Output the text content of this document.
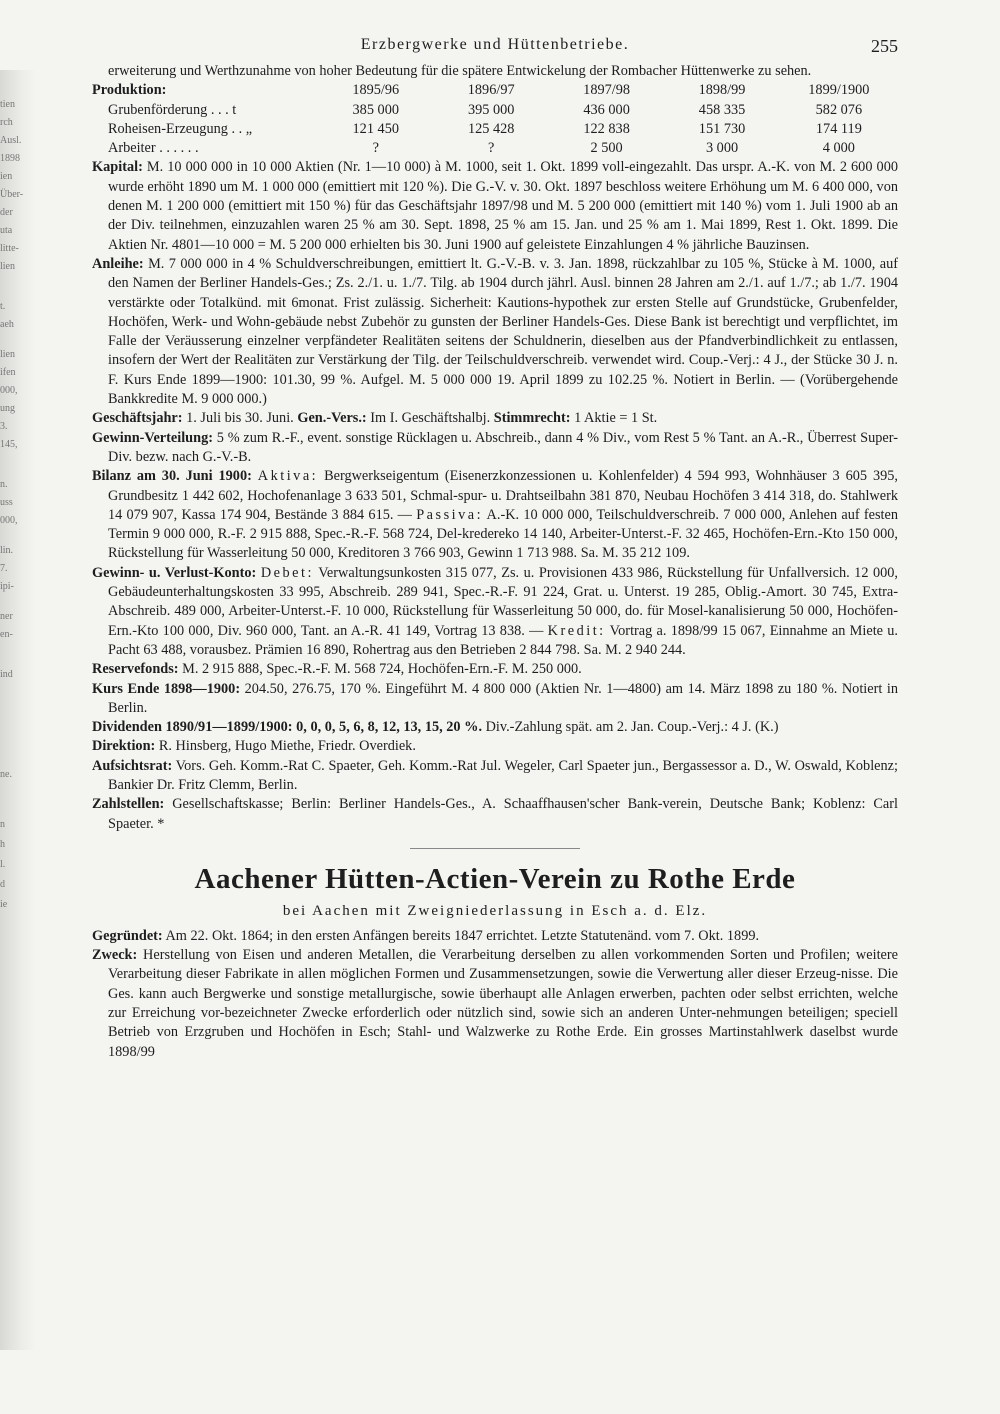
tien
rch
Ausl.
1898
ien
Über-
der
uta
litte-
lien
t.
aeh
lien
ifen
000,
ung
3.
145,
n.
uss
000,
lin.
7.
ipi-
ner
en-
ind
ne.
n
h
l.
d
ie
Erzbergwerke und Hüttenbetriebe.	255

erweiterung und Werthzunahme von hoher Bedeutung für die spätere Entwickelung der Rombacher Hüttenwerke zu sehen.

Produktion:	1895/96	1896/97	1897/98	1898/99	1899/1900
Grubenförderung . . . t	385 000	395 000	436 000	458 335	582 076
Roheisen-Erzeugung . . „	121 450	125 428	122 838	151 730	174 119
Arbeiter . . . . . .	?	?	2 500	3 000	4 000

Kapital: M. 10 000 000 in 10 000 Aktien (Nr. 1—10 000) à M. 1000, seit 1. Okt. 1899 voll-eingezahlt. Das urspr. A.-K. von M. 2 600 000 wurde erhöht 1890 um M. 1 000 000 (emittiert mit 120 %). Die G.-V. v. 30. Okt. 1897 beschloss weitere Erhöhung um M. 6 400 000, von denen M. 1 200 000 (emittiert mit 150 %) für das Geschäftsjahr 1897/98 und M. 5 200 000 (emittiert mit 140 %) vom 1. Juli 1900 ab an der Div. teilnehmen, einzuzahlen waren 25 % am 30. Sept. 1898, 25 % am 15. Jan. und 25 % am 1. Mai 1899, Rest 1. Okt. 1899. Die Aktien Nr. 4801—10 000 = M. 5 200 000 erhielten bis 30. Juni 1900 auf geleistete Einzahlungen 4 % jährliche Bauzinsen.

Anleihe: M. 7 000 000 in 4 % Schuldverschreibungen, emittiert lt. G.-V.-B. v. 3. Jan. 1898, rückzahlbar zu 105 %, Stücke à M. 1000, auf den Namen der Berliner Handels-Ges.; Zs. 2./1. u. 1./7. Tilg. ab 1904 durch jährl. Ausl. binnen 28 Jahren am 2./1. auf 1./7.; ab 1./7. 1904 verstärkte oder Totalkünd. mit 6monat. Frist zulässig. Sicherheit: Kautions-hypothek zur ersten Stelle auf Grundstücke, Grubenfelder, Hochöfen, Werk- und Wohn-gebäude nebst Zubehör zu gunsten der Berliner Handels-Ges. Diese Bank ist berechtigt und verpflichtet, im Falle der Veräusserung einzelner verpfändeter Realitäten seitens der Schuldnerin, dieselben aus der Pfandverbindlichkeit zu entlassen, insofern der Wert der Realitäten zur Verstärkung der Tilg. der Teilschuldverschreib. verwendet wird. Coup.-Verj.: 4 J., der Stücke 30 J. n. F. Kurs Ende 1899—1900: 101.30, 99 %. Aufgel. M. 5 000 000 19. April 1899 zu 102.25 %. Notiert in Berlin. — (Vorübergehende Bankkredite M. 9 000 000.)

Geschäftsjahr: 1. Juli bis 30. Juni. Gen.-Vers.: Im I. Geschäftshalbj. Stimmrecht: 1 Aktie = 1 St.

Gewinn-Verteilung: 5 % zum R.-F., event. sonstige Rücklagen u. Abschreib., dann 4 % Div., vom Rest 5 % Tant. an A.-R., Überrest Super-Div. bezw. nach G.-V.-B.

Bilanz am 30. Juni 1900: Aktiva: Bergwerkseigentum (Eisenerzkonzessionen u. Kohlenfelder) 4 594 993, Wohnhäuser 3 605 395, Grundbesitz 1 442 602, Hochofenanlage 3 633 501, Schmal-spur- u. Drahtseilbahn 381 870, Neubau Hochöfen 3 414 318, do. Stahlwerk 14 079 907, Kassa 174 904, Bestände 3 884 615. — Passiva: A.-K. 10 000 000, Teilschuldverschreib. 7 000 000, Anlehen auf festen Termin 9 000 000, R.-F. 2 915 888, Spec.-R.-F. 568 724, Del-kredereko 14 140, Arbeiter-Unterst.-F. 32 465, Hochöfen-Ern.-Kto 150 000, Rückstellung für Wasserleitung 50 000, Kreditoren 3 766 903, Gewinn 1 713 988. Sa. M. 35 212 109.

Gewinn- u. Verlust-Konto: Debet: Verwaltungsunkosten 315 077, Zs. u. Provisionen 433 986, Rückstellung für Unfallversich. 12 000, Gebäudeunterhaltungskosten 33 995, Abschreib. 289 941, Spec.-R.-F. 91 224, Grat. u. Unterst. 19 285, Oblig.-Amort. 30 745, Extra-Abschreib. 489 000, Arbeiter-Unterst.-F. 10 000, Rückstellung für Wasserleitung 50 000, do. für Mosel-kanalisierung 50 000, Hochöfen-Ern.-Kto 100 000, Div. 960 000, Tant. an A.-R. 41 149, Vortrag 13 838. — Kredit: Vortrag a. 1898/99 15 067, Einnahme an Miete u. Pacht 63 488, vorausbez. Prämien 16 890, Rohertrag aus den Betrieben 2 844 798. Sa. M. 2 940 244.

Reservefonds: M. 2 915 888, Spec.-R.-F. M. 568 724, Hochöfen-Ern.-F. M. 250 000.

Kurs Ende 1898—1900: 204.50, 276.75, 170 %. Eingeführt M. 4 800 000 (Aktien Nr. 1—4800) am 14. März 1898 zu 180 %. Notiert in Berlin.

Dividenden 1890/91—1899/1900: 0, 0, 0, 5, 6, 8, 12, 13, 15, 20 %. Div.-Zahlung spät. am 2. Jan. Coup.-Verj.: 4 J. (K.)

Direktion: R. Hinsberg, Hugo Miethe, Friedr. Overdiek.

Aufsichtsrat: Vors. Geh. Komm.-Rat C. Spaeter, Geh. Komm.-Rat Jul. Wegeler, Carl Spaeter jun., Bergassessor a. D., W. Oswald, Koblenz; Bankier Dr. Fritz Clemm, Berlin.

Zahlstellen: Gesellschaftskasse; Berlin: Berliner Handels-Ges., A. Schaaffhausen'scher Bank-verein, Deutsche Bank; Koblenz: Carl Spaeter. *

Aachener Hütten-Actien-Verein zu Rothe Erde
bei Aachen mit Zweigniederlassung in Esch a. d. Elz.

Gegründet: Am 22. Okt. 1864; in den ersten Anfängen bereits 1847 errichtet. Letzte Statutenänd. vom 7. Okt. 1899.

Zweck: Herstellung von Eisen und anderen Metallen, die Verarbeitung derselben zu allen vorkommenden Sorten und Profilen; weitere Verarbeitung dieser Fabrikate in allen möglichen Formen und Zusammensetzungen, sowie die Verwertung aller dieser Erzeug-nisse. Die Ges. kann auch Bergwerke und sonstige metallurgische, sowie überhaupt alle Anlagen erwerben, pachten oder selbst errichten, welche zur Erreichung vor-bezeichneter Zwecke erforderlich oder nützlich sind, sowie sich an anderen Unter-nehmungen beteiligen; speciell Betrieb von Erzgruben und Hochöfen in Esch; Stahl- und Walzwerke zu Rothe Erde. Ein grosses Martinstahlwerk daselbst wurde 1898/99
